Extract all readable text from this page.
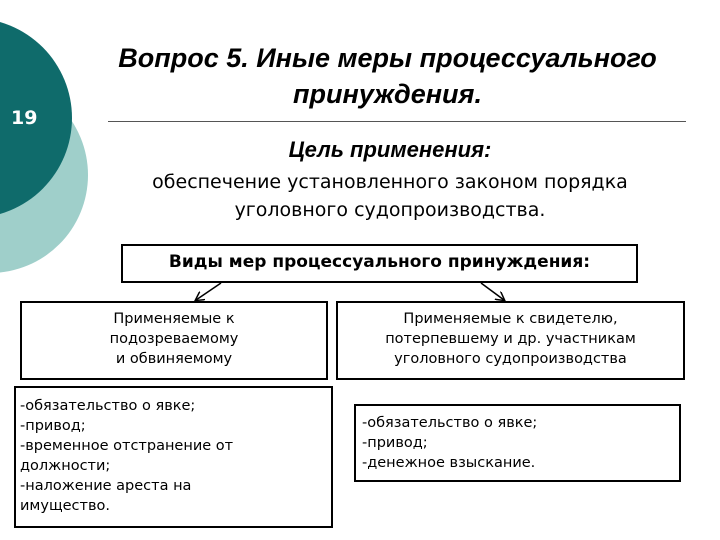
19
Вопрос 5. Иные меры процессуального
принуждения.
Цель применения:
обеспечение установленного законом порядка
уголовного судопроизводства.
Виды мер процессуального принуждения:
Применяемые к
подозреваемому
и обвиняемому
Применяемые к свидетелю,
потерпевшему и др. участникам
уголовного судопроизводства
-обязательство о явке;
-привод;
-временное отстранение от
должности;
-наложение ареста на
имущество.
-обязательство о явке;
-привод;
-денежное взыскание.
